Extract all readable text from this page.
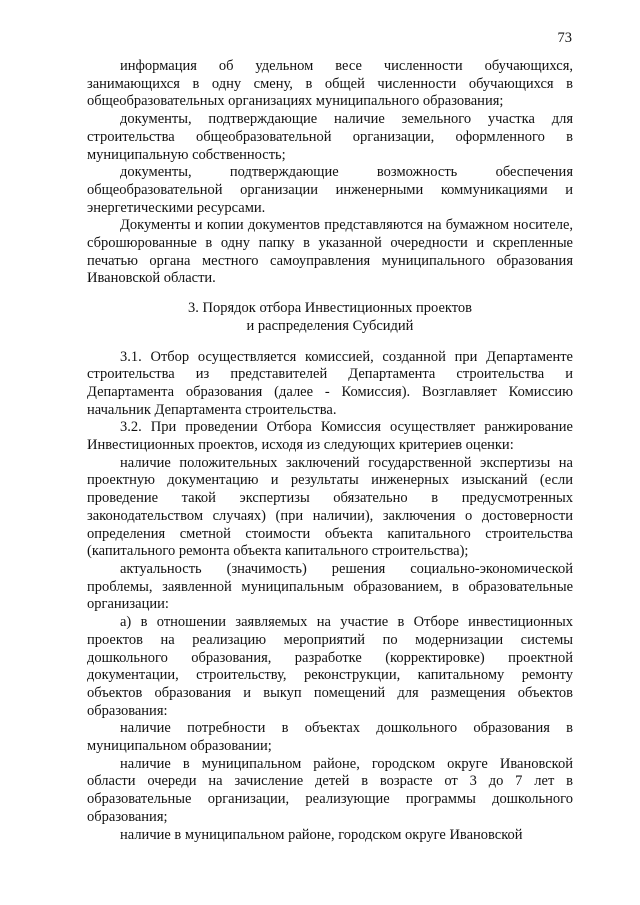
73

информация об удельном весе численности обучающихся, занимающихся в одну смену, в общей численности обучающихся в общеобразовательных организациях муниципального образования;

документы, подтверждающие наличие земельного участка для строительства общеобразовательной организации, оформленного в муниципальную собственность;

документы, подтверждающие возможность обеспечения общеобразовательной организации инженерными коммуникациями и энергетическими ресурсами.

Документы и копии документов представляются на бумажном носителе, сброшюрованные в одну папку в указанной очередности и скрепленные печатью органа местного самоуправления муниципального образования Ивановской области.

3. Порядок отбора Инвестиционных проектов
и распределения Субсидий

3.1. Отбор осуществляется комиссией, созданной при Департаменте строительства из представителей Департамента строительства и Департамента образования (далее - Комиссия). Возглавляет Комиссию начальник Департамента строительства.

3.2. При проведении Отбора Комиссия осуществляет ранжирование Инвестиционных проектов, исходя из следующих критериев оценки:

наличие положительных заключений государственной экспертизы на проектную документацию и результаты инженерных изысканий (если проведение такой экспертизы обязательно в предусмотренных законодательством случаях) (при наличии), заключения о достоверности определения сметной стоимости объекта капитального строительства (капитального ремонта объекта капитального строительства);

актуальность (значимость) решения социально-экономической проблемы, заявленной муниципальным образованием, в образовательные организации:

а) в отношении заявляемых на участие в Отборе инвестиционных проектов на реализацию мероприятий по модернизации системы дошкольного образования, разработке (корректировке) проектной документации, строительству, реконструкции, капитальному ремонту объектов образования и выкуп помещений для размещения объектов образования:

наличие потребности в объектах дошкольного образования в муниципальном образовании;

наличие в муниципальном районе, городском округе Ивановской области очереди на зачисление детей в возрасте от 3 до 7 лет в образовательные организации, реализующие программы дошкольного образования;

наличие в муниципальном районе, городском округе Ивановской
